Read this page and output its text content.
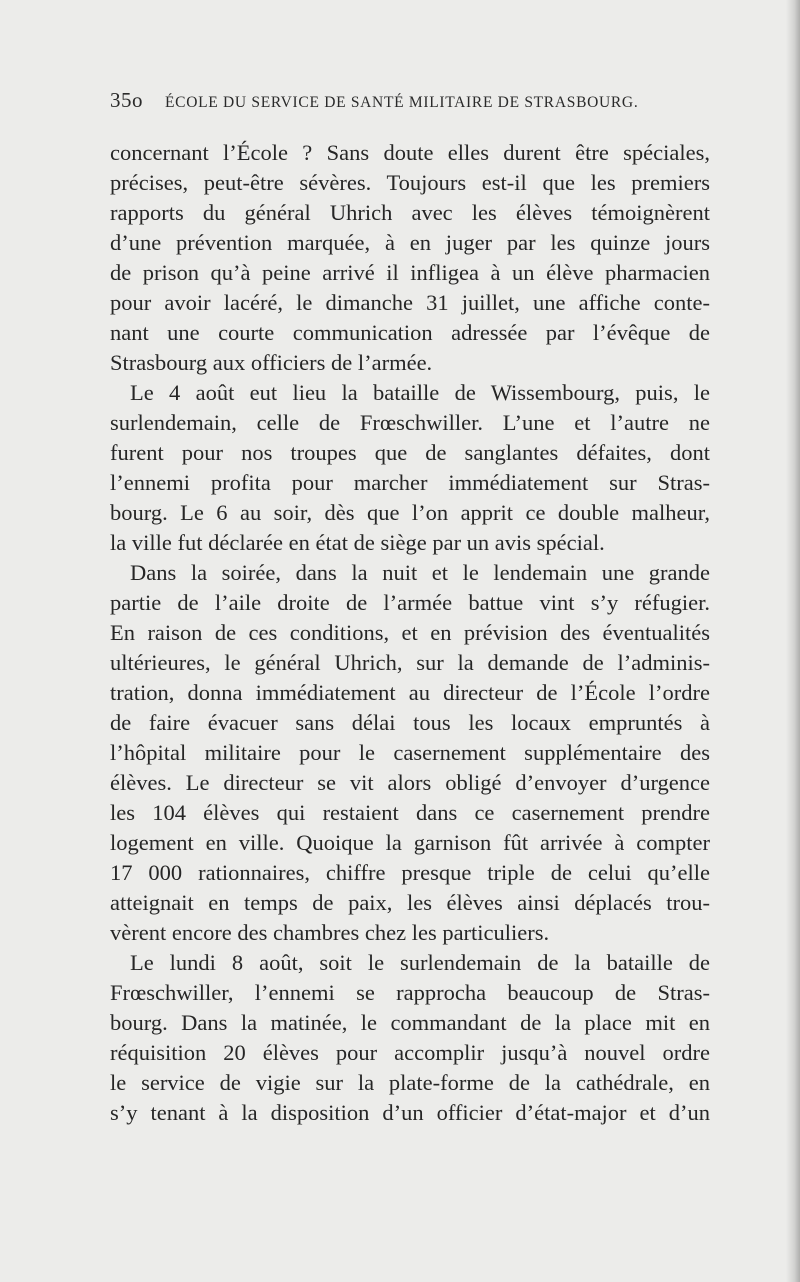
35o ÉCOLE DU SERVICE DE SANTÉ MILITAIRE DE STRASBOURG.
concernant l’École ? Sans doute elles durent être spéciales,
précises, peut-être sévères. Toujours est-il que les premiers
rapports du général Uhrich avec les élèves témoignèrent
d’une prévention marquée, à en juger par les quinze jours
de prison qu’à peine arrivé il infligea à un élève pharmacien
pour avoir lacéré, le dimanche 31 juillet, une affiche conte-
nant une courte communication adressée par l’évêque de
Strasbourg aux officiers de l’armée.
Le 4 août eut lieu la bataille de Wissembourg, puis, le
surlendemain, celle de Frœschwiller. L’une et l’autre ne
furent pour nos troupes que de sanglantes défaites, dont
l’ennemi profita pour marcher immédiatement sur Stras-
bourg. Le 6 au soir, dès que l’on apprit ce double malheur,
la ville fut déclarée en état de siège par un avis spécial.
Dans la soirée, dans la nuit et le lendemain une grande
partie de l’aile droite de l’armée battue vint s’y réfugier.
En raison de ces conditions, et en prévision des éventualités
ultérieures, le général Uhrich, sur la demande de l’adminis-
tration, donna immédiatement au directeur de l’École l’ordre
de faire évacuer sans délai tous les locaux empruntés à
l’hôpital militaire pour le casernement supplémentaire des
élèves. Le directeur se vit alors obligé d’envoyer d’urgence
les 104 élèves qui restaient dans ce casernement prendre
logement en ville. Quoique la garnison fût arrivée à compter
17 000 rationnaires, chiffre presque triple de celui qu’elle
atteignait en temps de paix, les élèves ainsi déplacés trou-
vèrent encore des chambres chez les particuliers.
Le lundi 8 août, soit le surlendemain de la bataille de
Frœschwiller, l’ennemi se rapprocha beaucoup de Stras-
bourg. Dans la matinée, le commandant de la place mit en
réquisition 20 élèves pour accomplir jusqu’à nouvel ordre
le service de vigie sur la plate-forme de la cathédrale, en
s’y tenant à la disposition d’un officier d’état-major et d’un
